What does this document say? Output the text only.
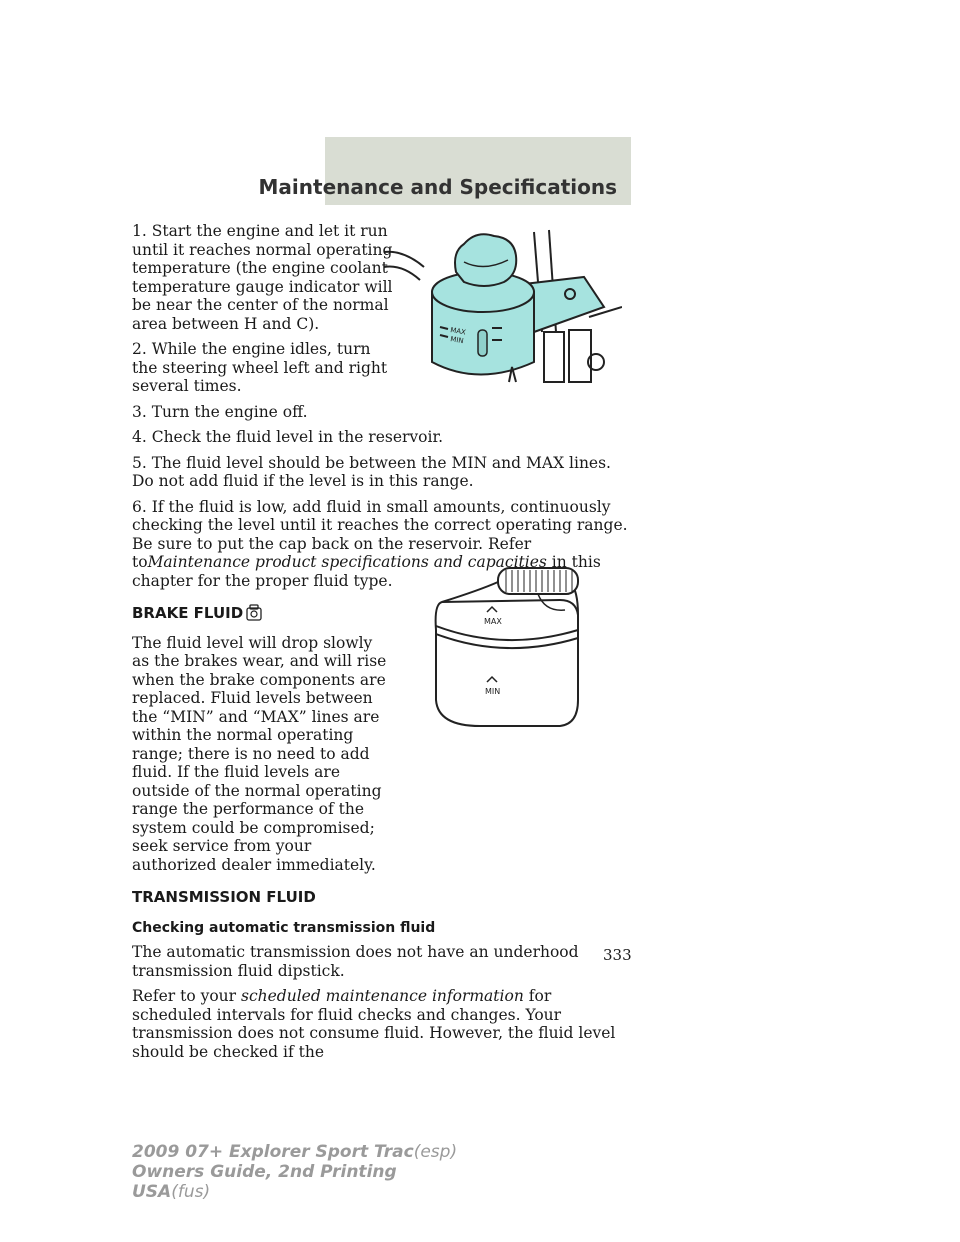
Maintenance and Specifications
MAX
MIN
MAX
MIN

1. Start the engine and let it run until it reaches normal operating temperature (the engine coolant temperature gauge indicator will be near the center of the normal area between H and C).

2. While the engine idles, turn the steering wheel left and right several times.

3. Turn the engine off.

4. Check the fluid level in the reservoir.

5. The fluid level should be between the MIN and MAX lines. Do not add fluid if the level is in this range.

6. If the fluid is low, add fluid in small amounts, continuously checking the level until it reaches the correct operating range. Be sure to put the cap back on the reservoir. Refer toMaintenance product specifications and capacities in this chapter for the proper fluid type.

BRAKE FLUID

The fluid level will drop slowly as the brakes wear, and will rise when the brake components are replaced. Fluid levels between the “MIN” and “MAX” lines are within the normal operating range; there is no need to add fluid. If the fluid levels are outside of the normal operating range the performance of the system could be compromised; seek service from your authorized dealer immediately.

TRANSMISSION FLUID
Checking automatic transmission fluid

The automatic transmission does not have an underhood transmission fluid dipstick.

Refer to your scheduled maintenance information for scheduled intervals for fluid checks and changes. Your transmission does not consume fluid. However, the fluid level should be checked if the

333
2009 07+ Explorer Sport Trac(esp)
Owners Guide, 2nd Printing
USA(fus)
